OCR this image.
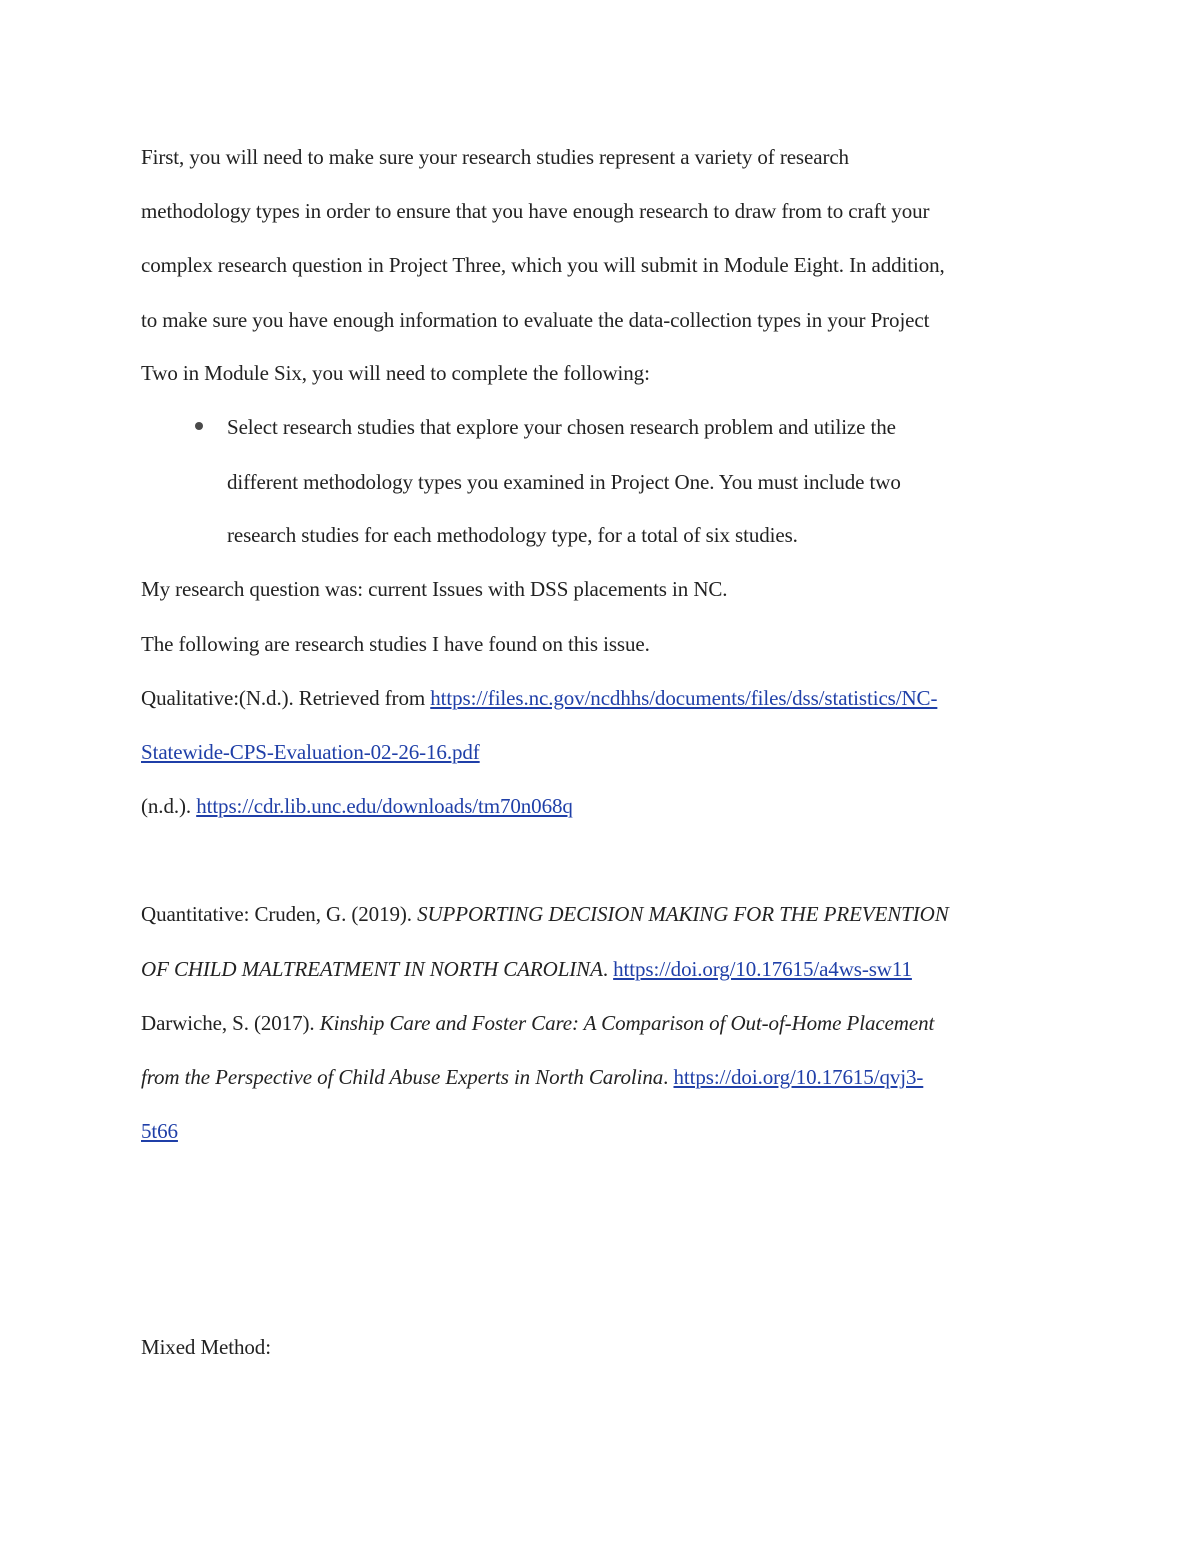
First, you will need to make sure your research studies represent a variety of research
methodology types in order to ensure that you have enough research to draw from to craft your
complex research question in Project Three, which you will submit in Module Eight. In addition,
to make sure you have enough information to evaluate the data-collection types in your Project
Two in Module Six, you will need to complete the following:
Select research studies that explore your chosen research problem and utilize the
different methodology types you examined in Project One. You must include two
research studies for each methodology type, for a total of six studies.
My research question was: current Issues with DSS placements in NC.
The following are research studies I have found on this issue.
Qualitative:(N.d.). Retrieved from https://files.nc.gov/ncdhhs/documents/files/dss/statistics/NC-
Statewide-CPS-Evaluation-02-26-16.pdf
(n.d.). https://cdr.lib.unc.edu/downloads/tm70n068q
Quantitative: Cruden, G. (2019). SUPPORTING DECISION MAKING FOR THE PREVENTION
OF CHILD MALTREATMENT IN NORTH CAROLINA. https://doi.org/10.17615/a4ws-sw11
Darwiche, S. (2017). Kinship Care and Foster Care: A Comparison of Out-of-Home Placement
from the Perspective of Child Abuse Experts in North Carolina. https://doi.org/10.17615/qvj3-
5t66
Mixed Method:
